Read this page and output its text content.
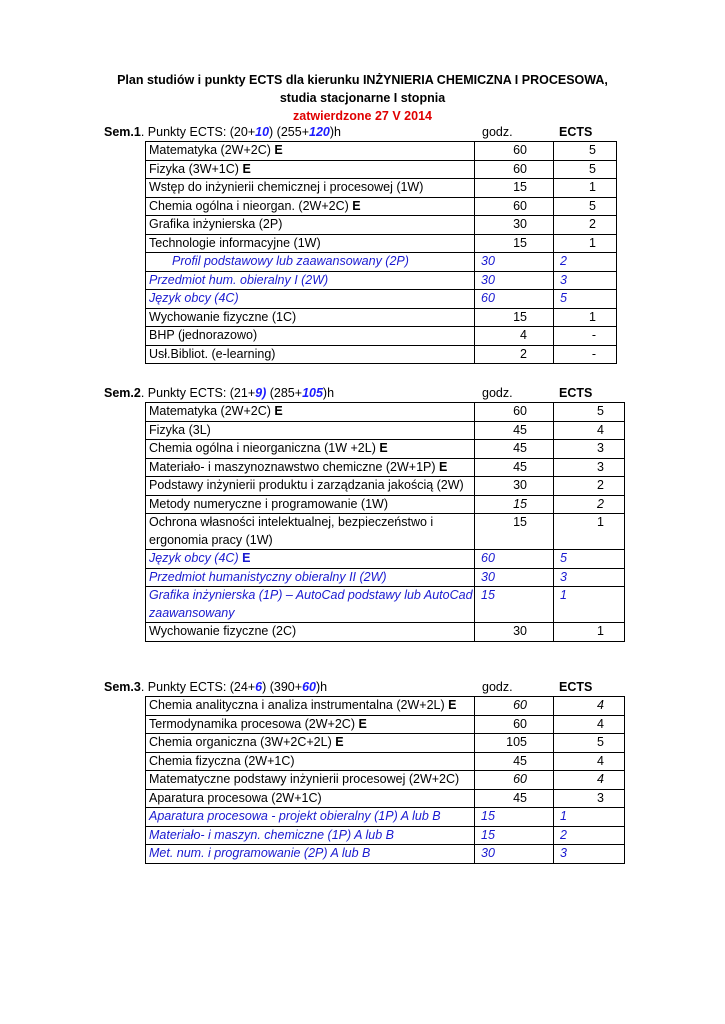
Plan studiów i punkty ECTS dla kierunku INŻYNIERIA CHEMICZNA I PROCESOWA,
studia stacjonarne I stopnia
zatwierdzone 27 V 2014
Sem.1. Punkty ECTS: (20+10) (255+120)h	godz.	ECTS
Matematyka (2W+2C) E	60	5
Fizyka (3W+1C) E	60	5
Wstęp do inżynierii chemicznej i procesowej (1W)	15	1
Chemia ogólna i nieorgan. (2W+2C) E	60	5
Grafika inżynierska (2P)	30	2
Technologie informacyjne (1W)	15	1
Profil podstawowy lub zaawansowany (2P)	30	2
Przedmiot hum. obieralny I (2W)	30	3
Język obcy (4C)	60	5
Wychowanie fizyczne (1C)	15	1
BHP (jednorazowo)	4	-
Usł.Bibliot. (e-learning)	2	-
Sem.2. Punkty ECTS: (21+9) (285+105)h	godz.	ECTS
Matematyka (2W+2C) E	60	5
Fizyka (3L)	45	4
Chemia ogólna i nieorganiczna (1W +2L) E	45	3
Materiało- i maszynoznawstwo chemiczne (2W+1P) E	45	3
Podstawy inżynierii produktu i zarządzania jakością (2W)	30	2
Metody numeryczne i programowanie (1W)	15	2
Ochrona własności intelektualnej, bezpieczeństwo i ergonomia pracy (1W)	15	1
Język obcy (4C) E	60	5
Przedmiot humanistyczny obieralny II (2W)	30	3
Grafika inżynierska (1P) – AutoCad podstawy lub AutoCad zaawansowany	15	1
Wychowanie fizyczne (2C)	30	1
Sem.3. Punkty ECTS: (24+6) (390+60)h	godz.	ECTS
Chemia analityczna i analiza instrumentalna (2W+2L) E	60	4
Termodynamika procesowa (2W+2C) E	60	4
Chemia organiczna (3W+2C+2L) E	105	5
Chemia fizyczna (2W+1C)	45	4
Matematyczne podstawy inżynierii procesowej (2W+2C)	60	4
Aparatura procesowa (2W+1C)	45	3
Aparatura procesowa - projekt obieralny (1P) A lub B	15	1
Materiało- i maszyn. chemiczne (1P) A lub B	15	2
Met. num. i programowanie (2P) A lub B	30	3
